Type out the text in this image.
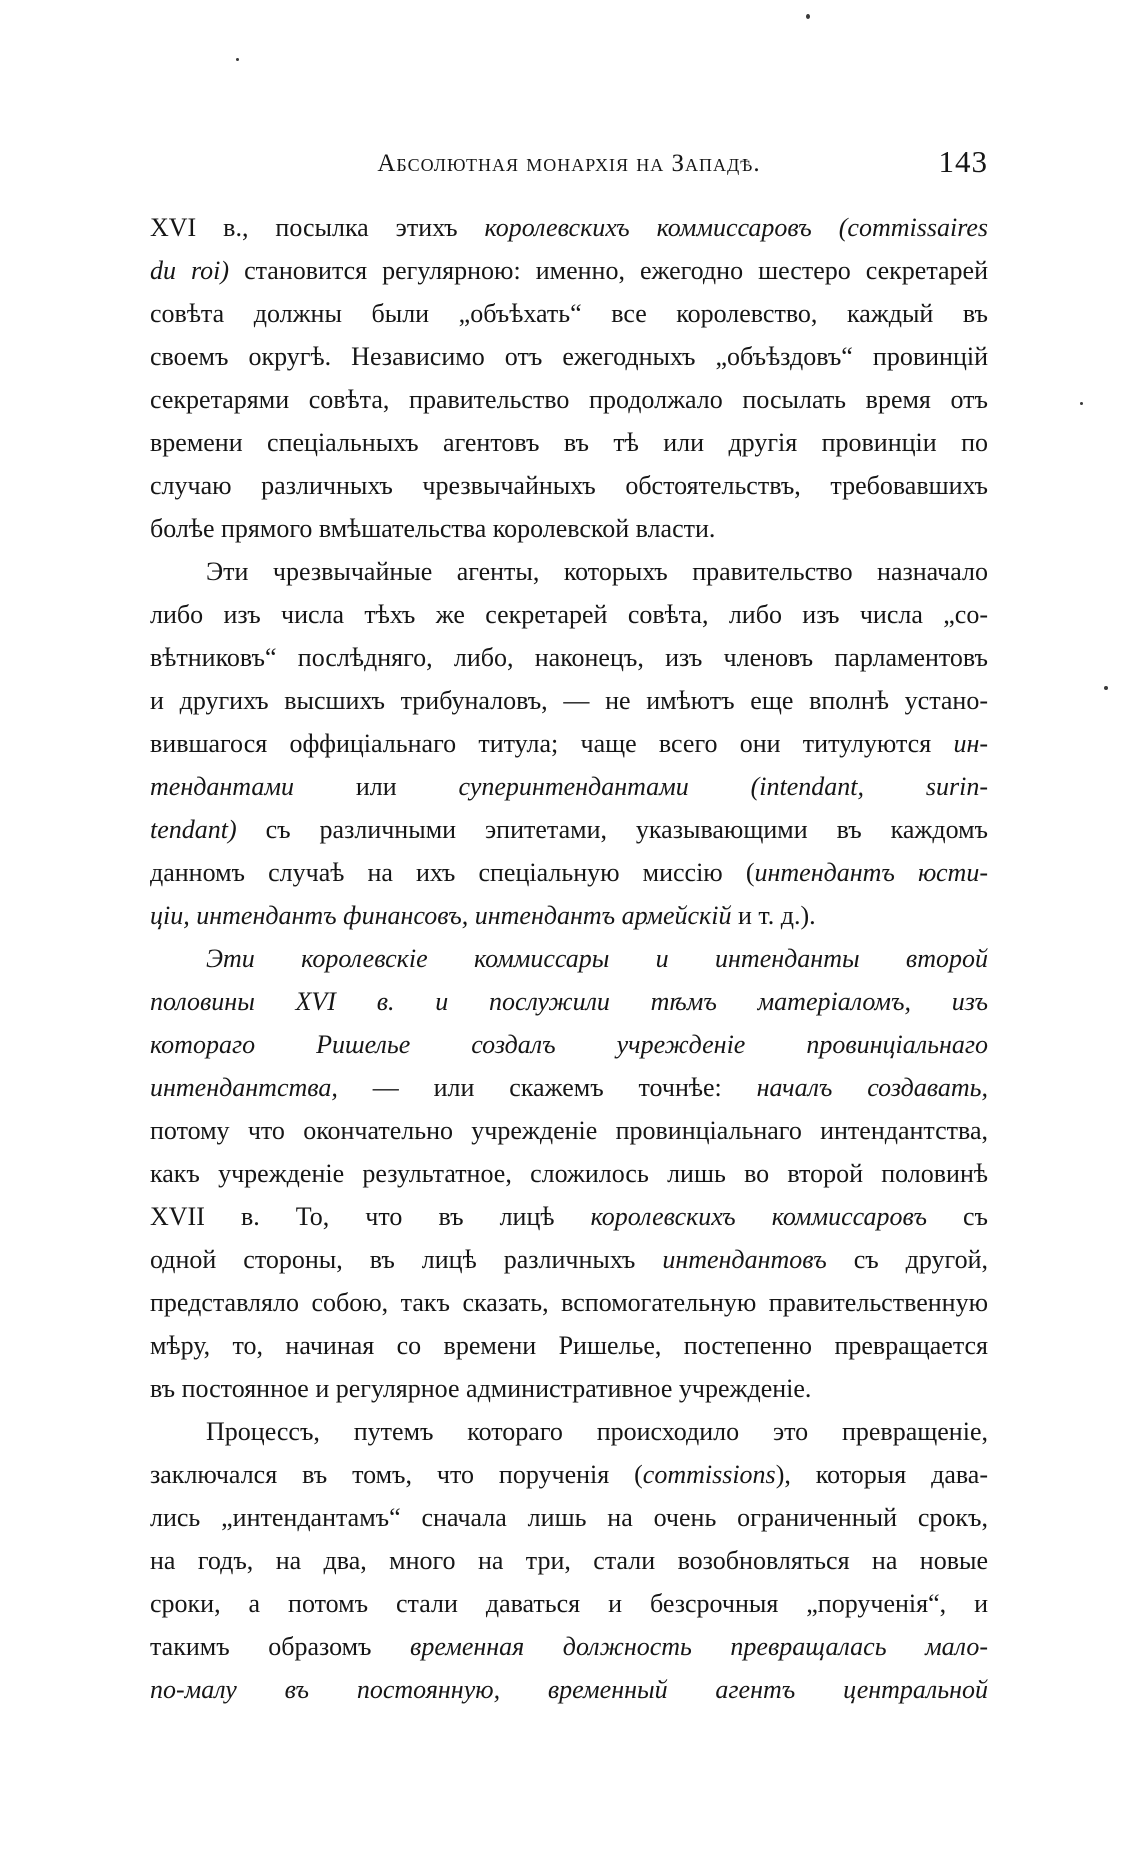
Абсолютная монархія на Западѣ.	143
XVI в., посылка этихъ королевскихъ коммиссаровъ (commissaires
du roi) становится регулярною: именно, ежегодно шестеро секретарей
совѣта должны были „объѣхать“ все королевство, каждый въ
своемъ округѣ. Независимо отъ ежегодныхъ „объѣздовъ“ провинцій
секретарями совѣта, правительство продолжало посылать время отъ
времени спеціальныхъ агентовъ въ тѣ или другія провинціи по
случаю различныхъ чрезвычайныхъ обстоятельствъ, требовавшихъ
болѣе прямого вмѣшательства королевской власти.
Эти чрезвычайные агенты, которыхъ правительство назначало
либо изъ числа тѣхъ же секретарей совѣта, либо изъ числа „со-
вѣтниковъ“ послѣдняго, либо, наконецъ, изъ членовъ парламентовъ
и другихъ высшихъ трибуналовъ, — не имѣютъ еще вполнѣ устано-
вившагося оффиціальнаго титула; чаще всего они титулуются ин-
тендантами или суперинтендантами (intendant, surin-
tendant) съ различными эпитетами, указывающими въ каждомъ
данномъ случаѣ на ихъ спеціальную миссію (интендантъ юсти-
ціи, интендантъ финансовъ, интендантъ армейскій и т. д.).
Эти королевскіе коммиссары и интенданты второй
половины XVI в. и послужили тѣмъ матеріаломъ, изъ
котораго Ришелье создалъ учрежденіе провинціальнаго
интендантства, — или скажемъ точнѣе: началъ создавать,
потому что окончательно учрежденіе провинціальнаго интендантства,
какъ учрежденіе результатное, сложилось лишь во второй половинѣ
XVII в. То, что въ лицѣ королевскихъ коммиссаровъ съ
одной стороны, въ лицѣ различныхъ интендантовъ съ другой,
представляло собою, такъ сказать, вспомогательную правительственную
мѣру, то, начиная со времени Ришелье, постепенно превращается
въ постоянное и регулярное административное учрежденіе.
Процессъ, путемъ котораго происходило это превращеніе,
заключался въ томъ, что порученія (commissions), которыя дава-
лись „интендантамъ“ сначала лишь на очень ограниченный срокъ,
на годъ, на два, много на три, стали возобновляться на новые
сроки, а потомъ стали даваться и безсрочныя „порученія“, и
такимъ образомъ временная должность превращалась мало-
по-малу въ постоянную, временный агентъ центральной
